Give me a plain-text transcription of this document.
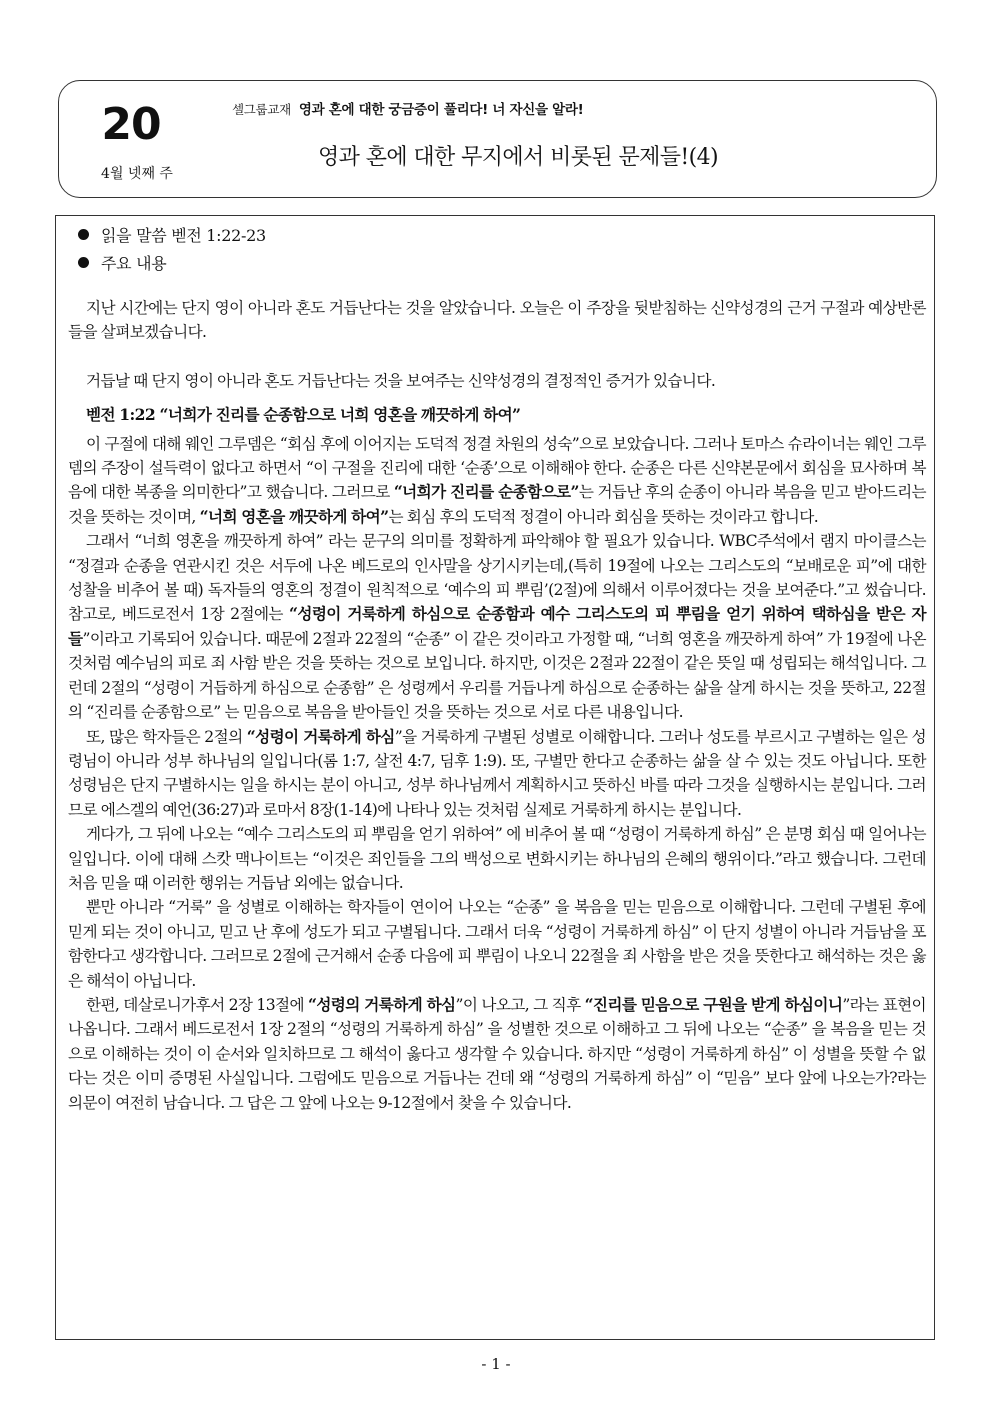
20
4월 넷째 주
셀그룹교재 영과 혼에 대한 궁금증이 풀리다! 너 자신을 알라!
영과 혼에 대한 무지에서 비롯된 문제들!(4)
읽을 말씀 벧전 1:22-23
주요 내용

지난 시간에는 단지 영이 아니라 혼도 거듭난다는 것을 알았습니다. 오늘은 이 주장을 뒷받침하는 신약성경의 근거 구절과 예상반론들을 살펴보겠습니다.

거듭날 때 단지 영이 아니라 혼도 거듭난다는 것을 보여주는 신약성경의 결정적인 증거가 있습니다.

벧전 1:22 “너희가 진리를 순종함으로 너희 영혼을 깨끗하게 하여”

이 구절에 대해 웨인 그루뎀은 “회심 후에 이어지는 도덕적 정결 차원의 성숙”으로 보았습니다. 그러나 토마스 슈라이너는 웨인 그루뎀의 주장이 설득력이 없다고 하면서 “이 구절을 진리에 대한 ‘순종’으로 이해해야 한다. 순종은 다른 신약본문에서 회심을 묘사하며 복음에 대한 복종을 의미한다”고 했습니다. 그러므로 “너희가 진리를 순종함으로”는 거듭난 후의 순종이 아니라 복음을 믿고 받아드리는 것을 뜻하는 것이며, “너희 영혼을 깨끗하게 하여”는 회심 후의 도덕적 정결이 아니라 회심을 뜻하는 것이라고 합니다.

그래서 “너희 영혼을 깨끗하게 하여” 라는 문구의 의미를 정확하게 파악해야 할 필요가 있습니다. WBC주석에서 램지 마이클스는 “정결과 순종을 연관시킨 것은 서두에 나온 베드로의 인사말을 상기시키는데,(특히 19절에 나오는 그리스도의 “보배로운 피”에 대한 성찰을 비추어 볼 때) 독자들의 영혼의 정결이 원칙적으로 ‘예수의 피 뿌림’(2절)에 의해서 이루어졌다는 것을 보여준다.”고 썼습니다. 참고로, 베드로전서 1장 2절에는 “성령이 거룩하게 하심으로 순종함과 예수 그리스도의 피 뿌림을 얻기 위하여 택하심을 받은 자들”이라고 기록되어 있습니다. 때문에 2절과 22절의 “순종” 이 같은 것이라고 가정할 때, “너희 영혼을 깨끗하게 하여” 가 19절에 나온 것처럼 예수님의 피로 죄 사함 받은 것을 뜻하는 것으로 보입니다. 하지만, 이것은 2절과 22절이 같은 뜻일 때 성립되는 해석입니다. 그런데 2절의 “성령이 거듭하게 하심으로 순종함” 은 성령께서 우리를 거듭나게 하심으로 순종하는 삶을 살게 하시는 것을 뜻하고, 22절의 “진리를 순종함으로” 는 믿음으로 복음을 받아들인 것을 뜻하는 것으로 서로 다른 내용입니다.

또, 많은 학자들은 2절의 “성령이 거룩하게 하심”을 거룩하게 구별된 성별로 이해합니다. 그러나 성도를 부르시고 구별하는 일은 성령님이 아니라 성부 하나님의 일입니다(롬 1:7, 살전 4:7, 딤후 1:9). 또, 구별만 한다고 순종하는 삶을 살 수 있는 것도 아닙니다. 또한 성령님은 단지 구별하시는 일을 하시는 분이 아니고, 성부 하나님께서 계획하시고 뜻하신 바를 따라 그것을 실행하시는 분입니다. 그러므로 에스겔의 예언(36:27)과 로마서 8장(1-14)에 나타나 있는 것처럼 실제로 거룩하게 하시는 분입니다.

게다가, 그 뒤에 나오는 “예수 그리스도의 피 뿌림을 얻기 위하여” 에 비추어 볼 때 “성령이 거룩하게 하심” 은 분명 회심 때 일어나는 일입니다. 이에 대해 스캇 맥나이트는 “이것은 죄인들을 그의 백성으로 변화시키는 하나님의 은혜의 행위이다.”라고 했습니다. 그런데 처음 믿을 때 이러한 행위는 거듭남 외에는 없습니다.

뿐만 아니라 “거룩” 을 성별로 이해하는 학자들이 연이어 나오는 “순종” 을 복음을 믿는 믿음으로 이해합니다. 그런데 구별된 후에 믿게 되는 것이 아니고, 믿고 난 후에 성도가 되고 구별됩니다. 그래서 더욱 “성령이 거룩하게 하심” 이 단지 성별이 아니라 거듭남을 포함한다고 생각합니다. 그러므로 2절에 근거해서 순종 다음에 피 뿌림이 나오니 22절을 죄 사함을 받은 것을 뜻한다고 해석하는 것은 옳은 해석이 아닙니다.

한편, 데살로니가후서 2장 13절에 “성령의 거룩하게 하심”이 나오고, 그 직후 “진리를 믿음으로 구원을 받게 하심이니”라는 표현이 나옵니다. 그래서 베드로전서 1장 2절의 “성령의 거룩하게 하심” 을 성별한 것으로 이해하고 그 뒤에 나오는 “순종” 을 복음을 믿는 것으로 이해하는 것이 이 순서와 일치하므로 그 해석이 옳다고 생각할 수 있습니다. 하지만 “성령이 거룩하게 하심” 이 성별을 뜻할 수 없다는 것은 이미 증명된 사실입니다. 그럼에도 믿음으로 거듭나는 건데 왜 “성령의 거룩하게 하심” 이 “믿음” 보다 앞에 나오는가?라는 의문이 여전히 남습니다. 그 답은 그 앞에 나오는 9-12절에서 찾을 수 있습니다.

- 1 -
